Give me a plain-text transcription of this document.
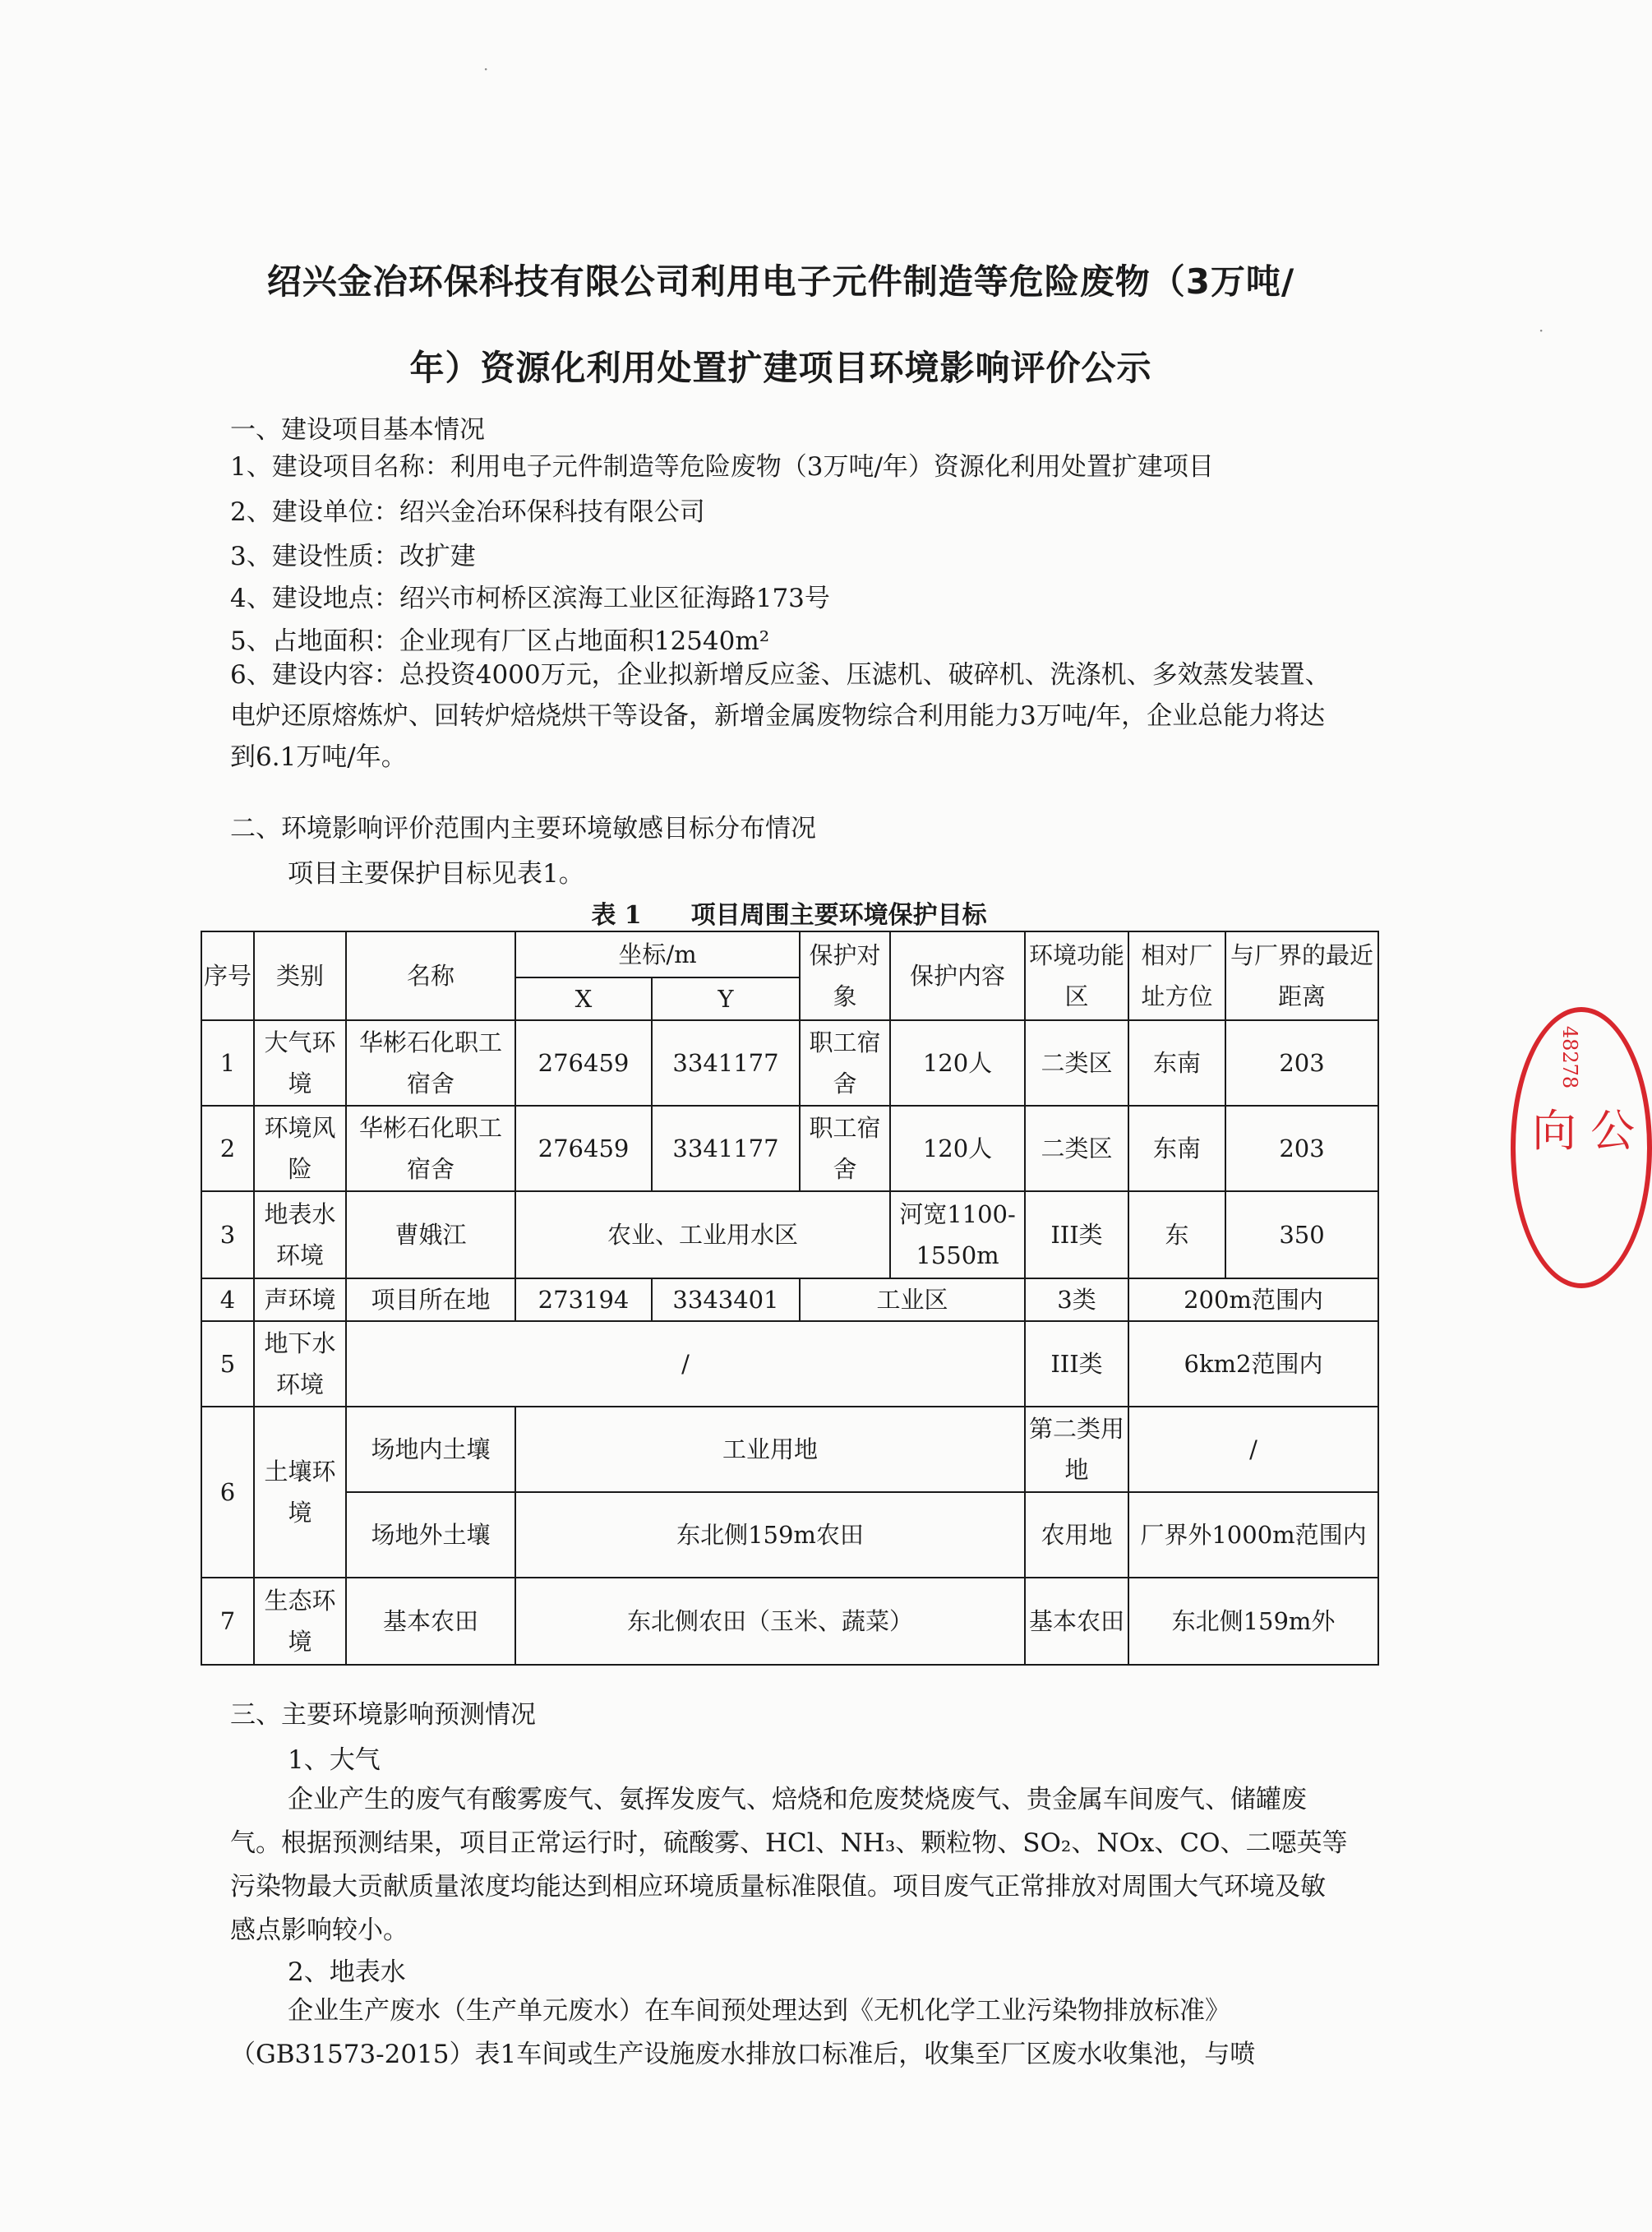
绍兴金冶环保科技有限公司利用电子元件制造等危险废物（3万吨/
年）资源化利用处置扩建项目环境影响评价公示
一、建设项目基本情况
1、建设项目名称：利用电子元件制造等危险废物（3万吨/年）资源化利用处置扩建项目
2、建设单位：绍兴金冶环保科技有限公司
3、建设性质：改扩建
4、建设地点：绍兴市柯桥区滨海工业区征海路173号
5、占地面积：企业现有厂区占地面积12540m²
6、建设内容：总投资4000万元，企业拟新增反应釜、压滤机、破碎机、洗涤机、多效蒸发装置、电炉还原熔炼炉、回转炉焙烧烘干等设备，新增金属废物综合利用能力3万吨/年，企业总能力将达到6.1万吨/年。
二、环境影响评价范围内主要环境敏感目标分布情况
项目主要保护目标见表1。
表 1 项目周围主要环境保护目标
序号	类别	名称	坐标/m		保护对象	保护内容	环境功能区	相对厂址方位	与厂界的最近距离
			X	Y					
1	大气环境	华彬石化职工宿舍	276459	3341177	职工宿舍	120人	二类区	东南	203
2	环境风险	华彬石化职工宿舍	276459	3341177	职工宿舍	120人	二类区	东南	203
3	地表水环境	曹娥江	农业、工业用水区			河宽1100-1550m	III类	东	350
4	声环境	项目所在地	273194	3343401	工业区		3类	200m范围内	
5	地下水环境	/					III类	6km2范围内	
6	土壤环境	场地内土壤	工业用地				第二类用地	/	
		场地外土壤	东北侧159m农田				农用地	厂界外1000m范围内	
7	生态环境	基本农田	东北侧农田（玉米、蔬菜）				基本农田	东北侧159m外	
三、主要环境影响预测情况
1、大气
企业产生的废气有酸雾废气、氨挥发废气、焙烧和危废焚烧废气、贵金属车间废气、储罐废气。根据预测结果，项目正常运行时，硫酸雾、HCl、NH₃、颗粒物、SO₂、NOx、CO、二噁英等污染物最大贡献质量浓度均能达到相应环境质量标准限值。项目废气正常排放对周围大气环境及敏感点影响较小。
2、地表水
企业生产废水（生产单元废水）在车间预处理达到《无机化学工业污染物排放标准》（GB31573-2015）表1车间或生产设施废水排放口标准后，收集至厂区废水收集池，与喷
48278
向 公
·
·
